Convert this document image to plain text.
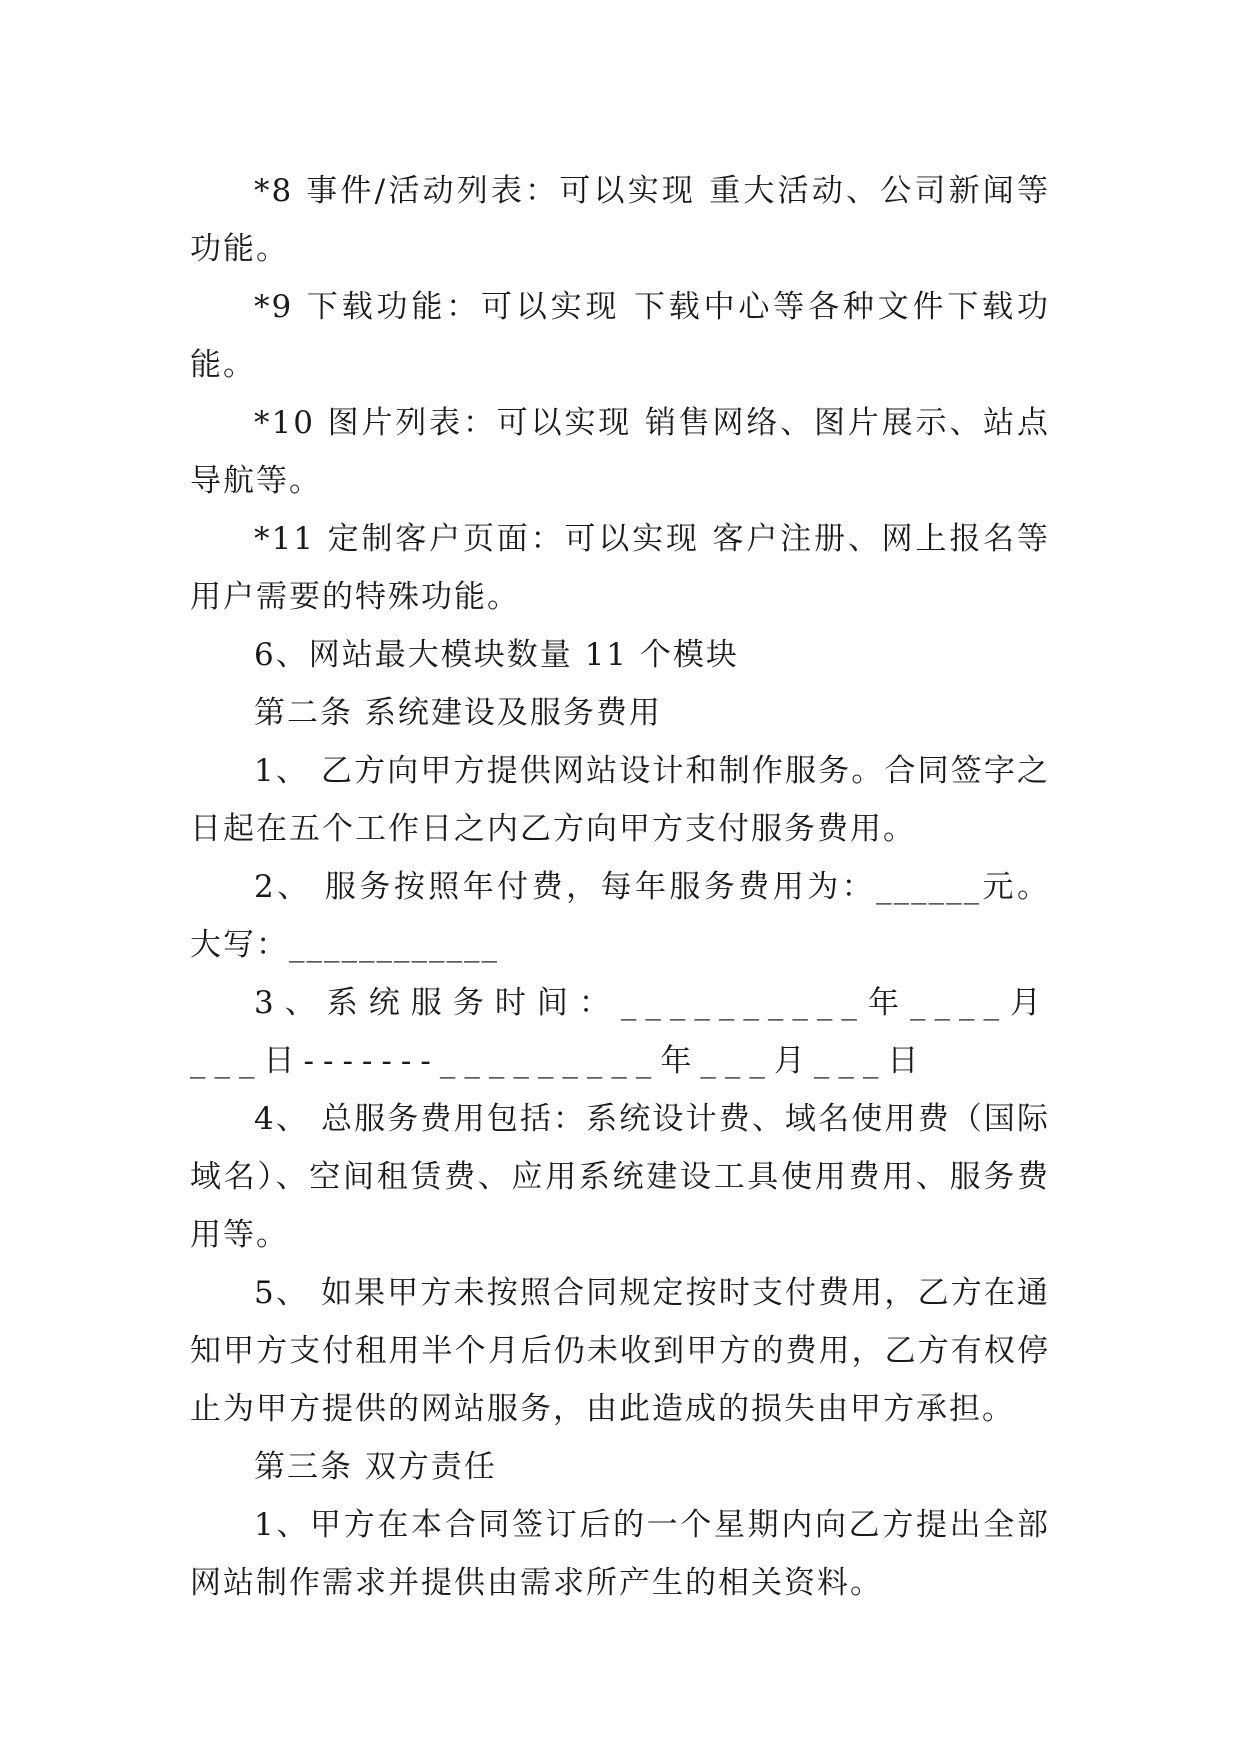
*8 事件/活动列表：可以实现 重大活动、公司新闻等功能。

*9 下载功能：可以实现 下载中心等各种文件下载功能。

*10 图片列表：可以实现 销售网络、图片展示、站点导航等。

*11 定制客户页面：可以实现 客户注册、网上报名等用户需要的特殊功能。

6、网站最大模块数量 11 个模块

第二条 系统建设及服务费用

1、 乙方向甲方提供网站设计和制作服务。合同签字之日起在五个工作日之内乙方向甲方支付服务费用。

2、 服务按照年付费，每年服务费用为：______元。大写：____________

3、系统服务时间：__________年____月___日-------_________年___月___日

4、 总服务费用包括：系统设计费、域名使用费（国际域名）、空间租赁费、应用系统建设工具使用费用、服务费用等。

5、 如果甲方未按照合同规定按时支付费用，乙方在通知甲方支付租用半个月后仍未收到甲方的费用，乙方有权停止为甲方提供的网站服务，由此造成的损失由甲方承担。

第三条 双方责任

1、甲方在本合同签订后的一个星期内向乙方提出全部网站制作需求并提供由需求所产生的相关资料。
